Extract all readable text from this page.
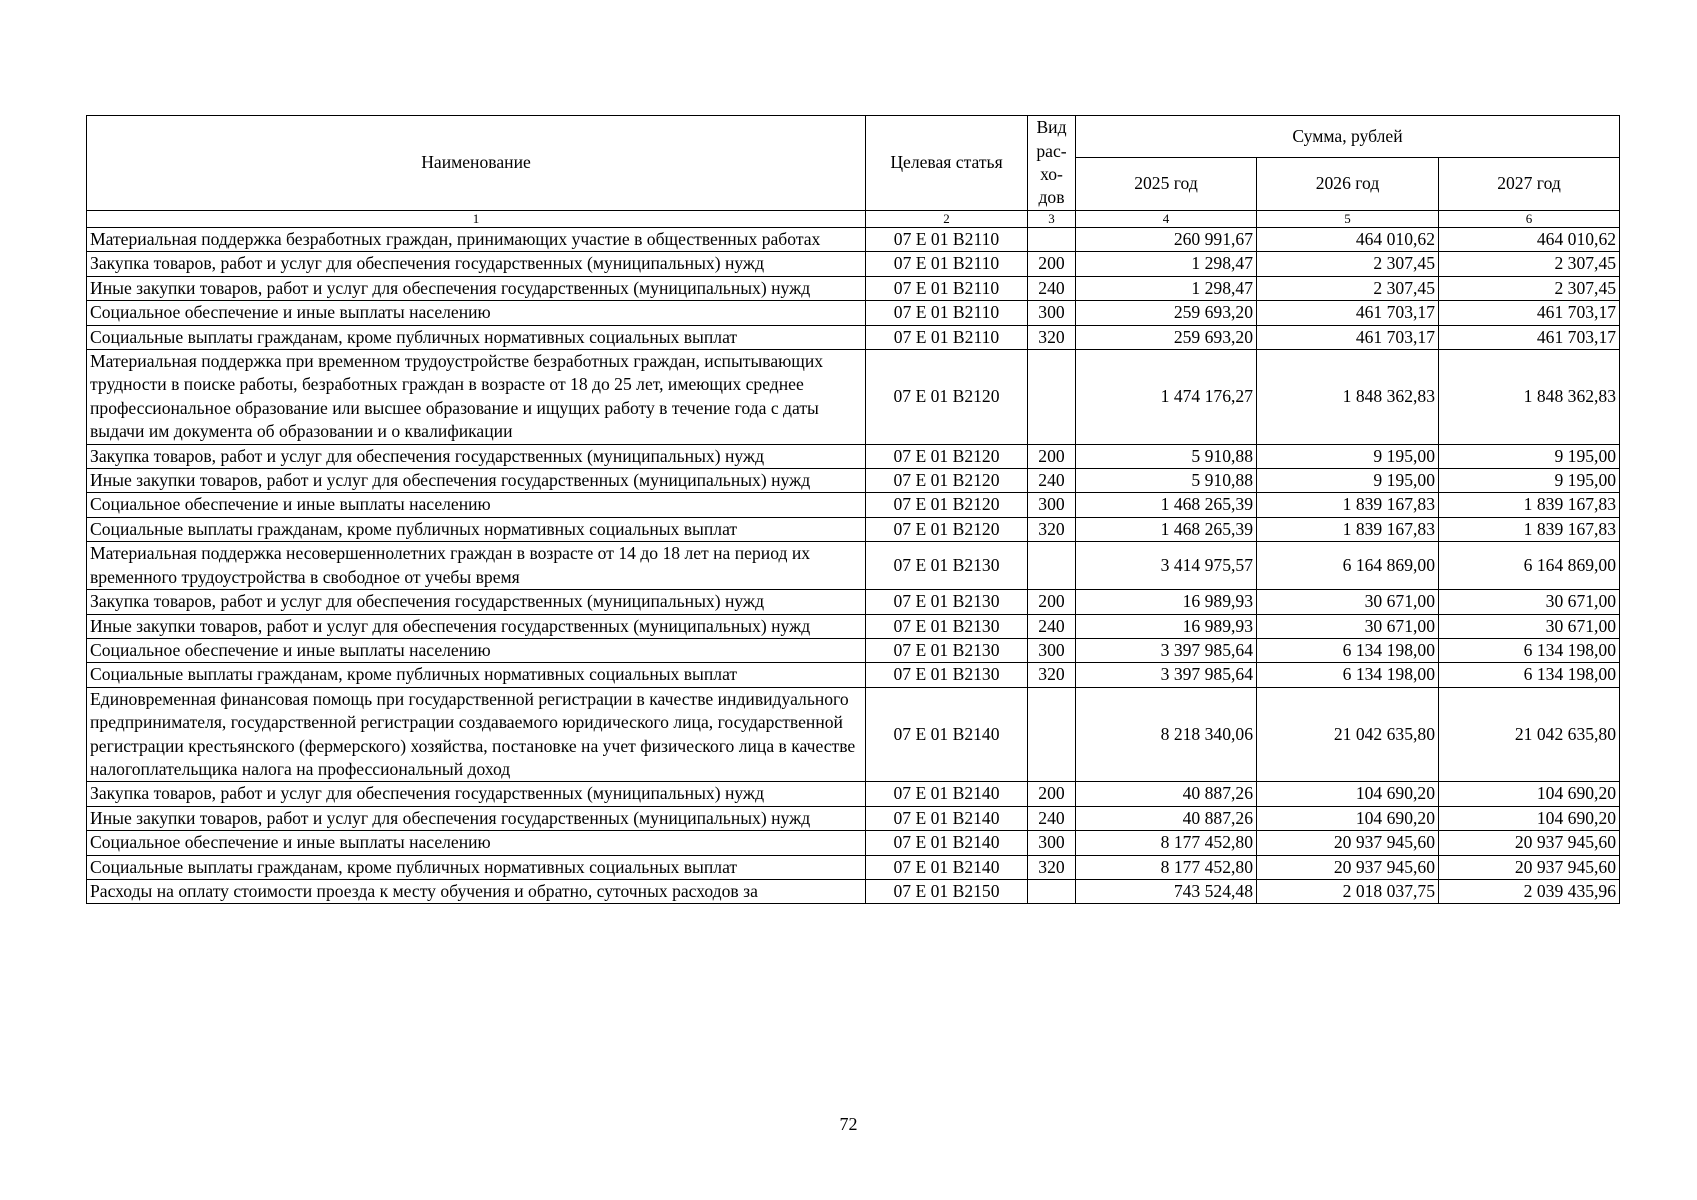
Наименование	Целевая статья	Вид рас-хо-дов	Сумма, рублей		
			2025 год	2026 год	2027 год
1	2	3	4	5	6
Материальная поддержка безработных граждан, принимающих участие в общественных работах	07 Е 01 В2110		260 991,67	464 010,62	464 010,62
Закупка товаров, работ и услуг для обеспечения государственных (муниципальных) нужд	07 Е 01 В2110	200	1 298,47	2 307,45	2 307,45
Иные закупки товаров, работ и услуг для обеспечения государственных (муниципальных) нужд	07 Е 01 В2110	240	1 298,47	2 307,45	2 307,45
Социальное обеспечение и иные выплаты населению	07 Е 01 В2110	300	259 693,20	461 703,17	461 703,17
Социальные выплаты гражданам, кроме публичных нормативных социальных выплат	07 Е 01 В2110	320	259 693,20	461 703,17	461 703,17
Материальная поддержка при временном трудоустройстве безработных граждан, испытывающих трудности в поиске работы, безработных граждан в возрасте от 18 до 25 лет, имеющих среднее профессиональное образование или высшее образование и ищущих работу в течение года с даты выдачи им документа об образовании и о квалификации	07 Е 01 В2120		1 474 176,27	1 848 362,83	1 848 362,83
Закупка товаров, работ и услуг для обеспечения государственных (муниципальных) нужд	07 Е 01 В2120	200	5 910,88	9 195,00	9 195,00
Иные закупки товаров, работ и услуг для обеспечения государственных (муниципальных) нужд	07 Е 01 В2120	240	5 910,88	9 195,00	9 195,00
Социальное обеспечение и иные выплаты населению	07 Е 01 В2120	300	1 468 265,39	1 839 167,83	1 839 167,83
Социальные выплаты гражданам, кроме публичных нормативных социальных выплат	07 Е 01 В2120	320	1 468 265,39	1 839 167,83	1 839 167,83
Материальная поддержка несовершеннолетних граждан в возрасте от 14 до 18 лет на период их временного трудоустройства в свободное от учебы время	07 Е 01 В2130		3 414 975,57	6 164 869,00	6 164 869,00
Закупка товаров, работ и услуг для обеспечения государственных (муниципальных) нужд	07 Е 01 В2130	200	16 989,93	30 671,00	30 671,00
Иные закупки товаров, работ и услуг для обеспечения государственных (муниципальных) нужд	07 Е 01 В2130	240	16 989,93	30 671,00	30 671,00
Социальное обеспечение и иные выплаты населению	07 Е 01 В2130	300	3 397 985,64	6 134 198,00	6 134 198,00
Социальные выплаты гражданам, кроме публичных нормативных социальных выплат	07 Е 01 В2130	320	3 397 985,64	6 134 198,00	6 134 198,00
Единовременная финансовая помощь при государственной регистрации в качестве индивидуального предпринимателя, государственной регистрации создаваемого юридического лица, государственной регистрации крестьянского (фермерского) хозяйства, постановке на учет физического лица в качестве налогоплательщика налога на профессиональный доход	07 Е 01 В2140		8 218 340,06	21 042 635,80	21 042 635,80
Закупка товаров, работ и услуг для обеспечения государственных (муниципальных) нужд	07 Е 01 В2140	200	40 887,26	104 690,20	104 690,20
Иные закупки товаров, работ и услуг для обеспечения государственных (муниципальных) нужд	07 Е 01 В2140	240	40 887,26	104 690,20	104 690,20
Социальное обеспечение и иные выплаты населению	07 Е 01 В2140	300	8 177 452,80	20 937 945,60	20 937 945,60
Социальные выплаты гражданам, кроме публичных нормативных социальных выплат	07 Е 01 В2140	320	8 177 452,80	20 937 945,60	20 937 945,60
Расходы на оплату стоимости проезда к месту обучения и обратно, суточных расходов за	07 Е 01 В2150		743 524,48	2 018 037,75	2 039 435,96
72
